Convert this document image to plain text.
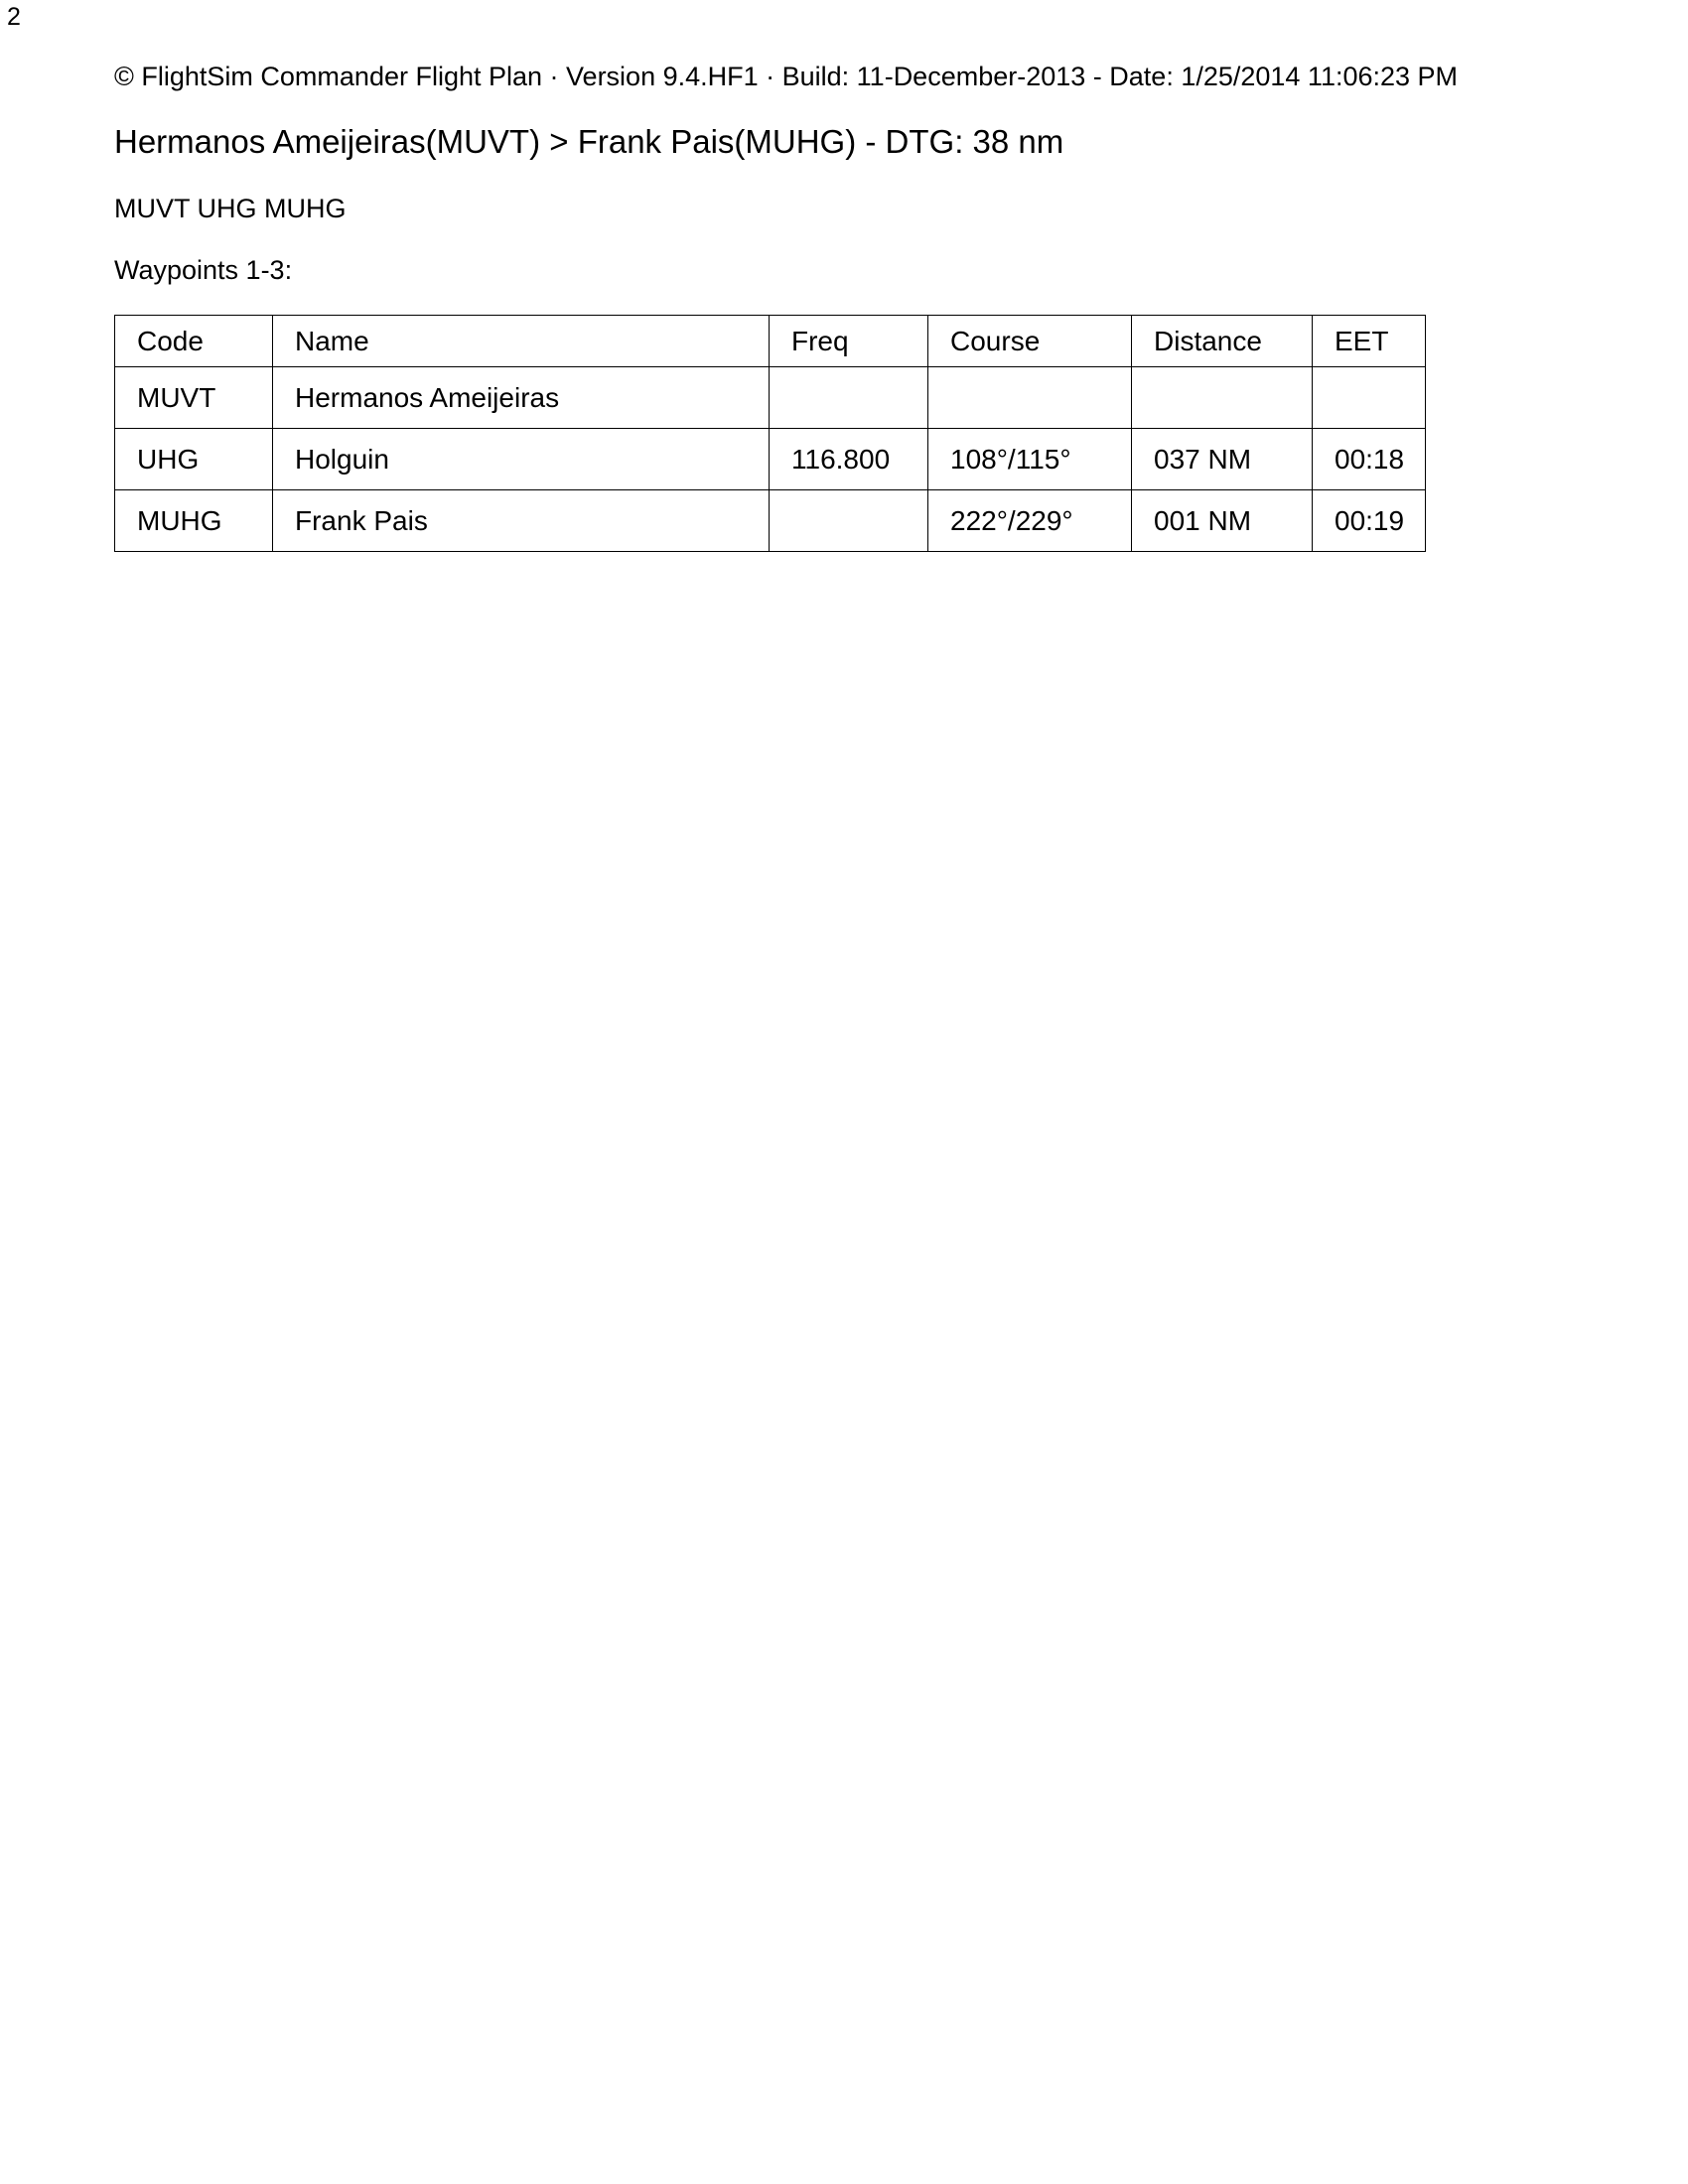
2
© FlightSim Commander Flight Plan · Version 9.4.HF1 · Build: 11-December-2013 - Date: 1/25/2014 11:06:23 PM
Hermanos Ameijeiras(MUVT) > Frank Pais(MUHG) - DTG: 38 nm
MUVT UHG MUHG
Waypoints 1-3:
Code	Name	Freq	Course	Distance	EET
MUVT	Hermanos Ameijeiras				
UHG	Holguin	116.800	108°/115°	037 NM	00:18
MUHG	Frank Pais		222°/229°	001 NM	00:19
